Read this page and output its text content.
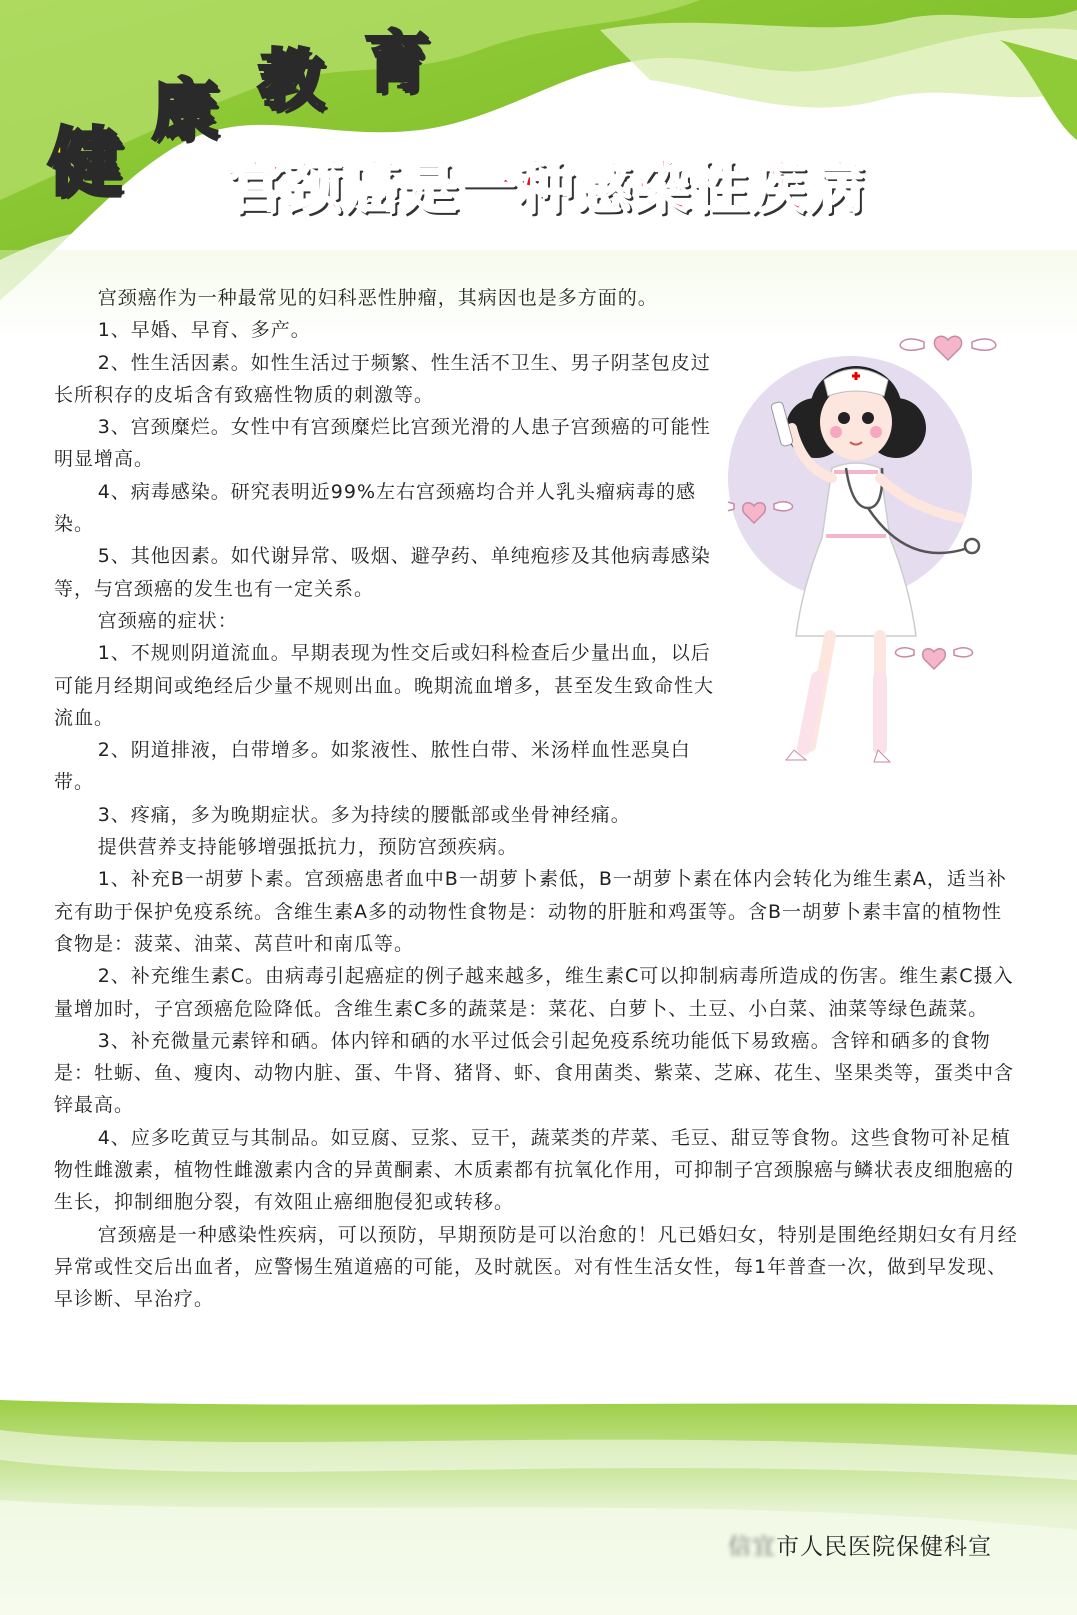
健
康 教 育
宫颈癌是一种感染性疾病

宫颈癌作为一种最常见的妇科恶性肿瘤，其病因也是多方面的。

1、早婚、早育、多产。

2、性生活因素。如性生活过于频繁、性生活不卫生、男子阴茎包皮过长所积存的皮垢含有致癌性物质的刺激等。

3、宫颈糜烂。女性中有宫颈糜烂比宫颈光滑的人患子宫颈癌的可能性明显增高。

4、病毒感染。研究表明近99%左右宫颈癌均合并人乳头瘤病毒的感染。

5、其他因素。如代谢异常、吸烟、避孕药、单纯疱疹及其他病毒感染等，与宫颈癌的发生也有一定关系。

宫颈癌的症状：

1、不规则阴道流血。早期表现为性交后或妇科检查后少量出血，以后可能月经期间或绝经后少量不规则出血。晚期流血增多，甚至发生致命性大流血。

2、阴道排液，白带增多。如浆液性、脓性白带、米汤样血性恶臭白带。

3、疼痛，多为晚期症状。多为持续的腰骶部或坐骨神经痛。

提供营养支持能够增强抵抗力，预防宫颈疾病。

1、补充B一胡萝卜素。宫颈癌患者血中B一胡萝卜素低，B一胡萝卜素在体内会转化为维生素A，适当补充有助于保护免疫系统。含维生素A多的动物性食物是：动物的肝脏和鸡蛋等。含B一胡萝卜素丰富的植物性食物是：菠菜、油菜、莴苣叶和南瓜等。

2、补充维生素C。由病毒引起癌症的例子越来越多，维生素C可以抑制病毒所造成的伤害。维生素C摄入量增加时，子宫颈癌危险降低。含维生素C多的蔬菜是：菜花、白萝卜、土豆、小白菜、油菜等绿色蔬菜。

3、补充微量元素锌和硒。体内锌和硒的水平过低会引起免疫系统功能低下易致癌。含锌和硒多的食物是：牡蛎、鱼、瘦肉、动物内脏、蛋、牛肾、猪肾、虾、食用菌类、紫菜、芝麻、花生、坚果类等，蛋类中含锌最高。

4、应多吃黄豆与其制品。如豆腐、豆浆、豆干，蔬菜类的芹菜、毛豆、甜豆等食物。这些食物可补足植物性雌激素，植物性雌激素内含的异黄酮素、木质素都有抗氧化作用，可抑制子宫颈腺癌与鳞状表皮细胞癌的生长，抑制细胞分裂，有效阻止癌细胞侵犯或转移。

宫颈癌是一种感染性疾病，可以预防，早期预防是可以治愈的！凡已婚妇女，特别是围绝经期妇女有月经异常或性交后出血者，应警惕生殖道癌的可能，及时就医。对有性生活女性，每1年普查一次，做到早发现、早诊断、早治疗。

信宜市人民医院保健科宣
